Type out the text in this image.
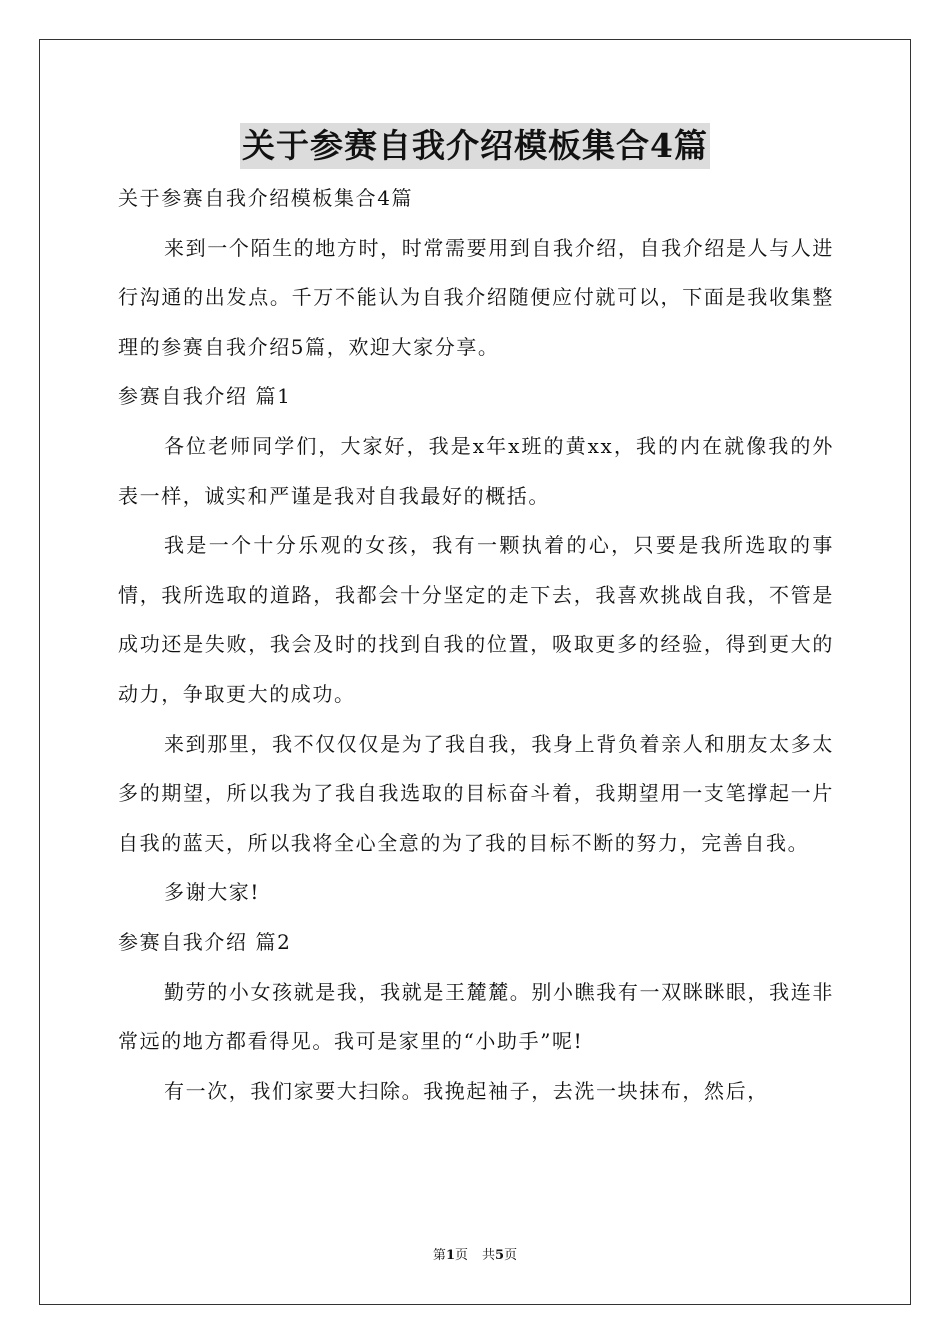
关于参赛自我介绍模板集合4篇

关于参赛自我介绍模板集合4篇

来到一个陌生的地方时，时常需要用到自我介绍，自我介绍是人与人进行沟通的出发点。千万不能认为自我介绍随便应付就可以，下面是我收集整理的参赛自我介绍5篇，欢迎大家分享。

参赛自我介绍 篇1

各位老师同学们，大家好，我是x年x班的黄xx，我的内在就像我的外表一样，诚实和严谨是我对自我最好的概括。

我是一个十分乐观的女孩，我有一颗执着的心，只要是我所选取的事情，我所选取的道路，我都会十分坚定的走下去，我喜欢挑战自我，不管是成功还是失败，我会及时的找到自我的位置，吸取更多的经验，得到更大的动力，争取更大的成功。

来到那里，我不仅仅仅是为了我自我，我身上背负着亲人和朋友太多太多的期望，所以我为了我自我选取的目标奋斗着，我期望用一支笔撑起一片自我的蓝天，所以我将全心全意的为了我的目标不断的努力，完善自我。

多谢大家!

参赛自我介绍 篇2

勤劳的小女孩就是我，我就是王麓麓。别小瞧我有一双眯眯眼，我连非常远的地方都看得见。我可是家里的“小助手”呢!

有一次，我们家要大扫除。我挽起袖子，去洗一块抹布，然后，

第1页 共5页
